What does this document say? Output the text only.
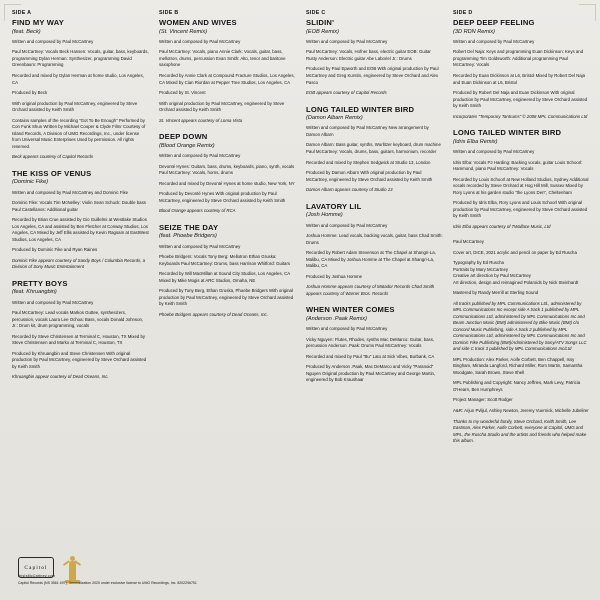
SIDE A
FIND MY WAY
(feat. Beck)

Written and composed by Paul McCartney

Paul McCartney: Vocals Beck Hansen: Vocals, guitar, bass, keyboards, programming Dylan Herman: Synthesizer, programming David Greenbaum: Programming

Recorded and mixed by Dylan Herman at home studio, Los Angeles, CA

Produced by Beck

With original production by Paul McCartney, engineered by Steve Orchard assisted by Keith Smith

Contains samples of the recording "Got To Be Enough" Performed by Con Funk Shun Written by Michael Cooper & Clyde Filmr Courtesy of Island Records, A Division of UMG Recordings, Inc., under license from Universal Music Enterprises Used by permission. All rights reserved.

Beck appears courtesy of Capitol Records

THE KISS OF VENUS
(Dominic Fike)

Written and composed by Paul McCartney and Dominic Fike

Dominic Fike: Vocals Tim McNelley: Violin Sean Schuck: Double bass Paul Castellanos: Additional guitar

Recorded by Brian Crue assisted by Gio Guillelmi at Westlake Studios Los Angeles, CA and assisted by Ben Fletcher at Conway Studios, Los Angeles, CA Mixed by Jeff Ellis assisted by Kevin Ragsam at EastWest Studios, Los Angeles, CA

Produced by Dominic Fike and Ryan Raines

Dominic Fike appears courtesy of Sandy Boys / Columbia Records, a Division of Sony Music Entertainment

PRETTY BOYS
(feat. Khruangbin)

Written and composed by Paul McCartney

Paul McCartney: Lead vocals Markos Guttee, synthesizers, percussion, vocals Laura Lee Ochoa: Bass, vocals Donald Johnson, Jr.: Drum kit, drum programming, vocals

Recorded by Steve Christensen at Terminal C, Houston, TX Mixed by Steve Christensen and Marko at Terminal C, Houston, TX

Produced by Khruangbin and Steve Christensen With original production by Paul McCartney, engineered by Steve Orchard assisted by Keith Smith

Khruangbin appear courtesy of Dead Oceans, Inc.

SIDE B
WOMEN AND WIVES
(St. Vincent Remix)

Written and composed by Paul McCartney

Paul McCartney: Vocals, piano Annie Clark: Vocals, guitar, bass, mellotron, drums, percussion Evan Smith: Alto, tenor and baritone saxophone

Recorded by Annie Clark at Compound Fracture Studios, Los Angeles, CA Mixed by Cian Riordan at Pepper Tree Studios, Los Angeles, CA

Produced by St. Vincent

With original production by Paul McCartney, engineered by Steve Orchard assisted by Keith Smith

St. Vincent appears courtesy of Loma Vista

DEEP DOWN
(Blood Orange Remix)

Written and composed by Paul McCartney

Devonté Hynes: Guitars, bass, drums, keyboards, piano, synth, vocals Paul McCartney: Vocals, horns, drums

Recorded and mixed by Devonté Hynes at home studio, New York, NY

Produced by Devonté Hynes With original production by Paul McCartney, engineered by Steve Orchard assisted by Keith Smith

Blood Orange appears courtesy of RCA

SEIZE THE DAY
(feat. Phoebe Bridgers)

Written and composed by Paul McCartney

Phoebe Bridgers: Vocals Tony Berg: Mellotron Ethan Gruska: Keyboards Paul McCartney: Drums, bass Harrison Whitford: Guitars

Recorded by Will MacMillan at Sound City Studios, Los Angeles, CA Mixed by Mike Mogis at ARC Studios, Omaha, NE

Produced by Tony Berg, Ethan Gruska, Phoebe Bridgers With original production by Paul McCartney, engineered by Steve Orchard assisted by Keith Smith

Phoebe Bridgers appears courtesy of Dead Oceans, Inc.

SIDE C
SLIDIN'
(EOB Remix)

Written and composed by Paul McCartney

Paul McCartney: Vocals, Hofner bass, electric guitar EOB: Guitar Rusty Anderson: Electric guitar Abe Laboriel Jr.: Drums

Produced by Paul Epworth and EOB With original production by Paul McCartney and Greg Kurstin, engineered by Steve Orchard and Alex Pasco

EOB appears courtesy of Capitol Records

LONG TAILED WINTER BIRD
(Damon Albarn Remix)

Written and composed by Paul McCartney New arrangement by Damon Albarn

Damon Albarn: Bass guitar, synths, Wurlitzer keyboard, drum machine Paul McCartney: Vocals, drums, bass, guitars, harmonium, recorder

Recorded and mixed by Stephen Sedgwick at Studio 13, London

Produced by Damon Albarn With original production by Paul McCartney, engineered by Steve Orchard assisted by Keith Smith

Damon Albarn appears courtesy of Studio 13

LAVATORY LIL
(Josh Homme)

Written and composed by Paul McCartney

Joshua Homme: Lead vocals, backing vocals, guitar, bass Chad Smith: Drums

Recorded by Robert Adam Stevenson at The Chapel at Shangri-La, Malibu, CA Mixed by Joshua Homme at The Chapel at Shangri-La, Malibu, CA

Produced by Joshua Homme

Joshua Homme appears courtesy of Matador Records Chad Smith appears courtesy of Warner Bros. Records

WHEN WINTER COMES
(Anderson .Paak Remix)

Written and composed by Paul McCartney

Vicky Nguyen: Flutes, Rhodes, synths Mac DeMarco: Guitar, bass, percussion Anderson .Paak: Drums Paul McCartney: Vocals

Recorded and mixed by Paul "Bu" Lato at Sick Vibes, Burbank, CA

Produced by Anderson .Paak, Mac DeMarco and Vicky "Paranoid" Nguyen Original production by Paul McCartney and George Martin, engineered by Bob Kraushaar

SIDE D
DEEP DEEP FEELING
(3D RDN Remix)

Written and composed by Paul McCartney

Robert Del Naja: Keys and programming Euan Dickinson: Keys and programming Tim Goldsworth: Additional programming Paul McCartney: Vocals

Recorded by Euan Dickinson at L6, Bristol Mixed by Robert Del Naja and Euan Dickinson at L6, Bristol

Produced by Robert Del Naja and Euan Dickinson With original production by Paul McCartney, engineered by Steve Orchard assisted by Keith Smith

Incorporates "Temporary Tantrums" © 2008 MPL Communications Ltd

LONG TAILED WINTER BIRD
(Idris Elba Remix)

Written and composed by Paul McCartney

Idris Elba: Vocals PJ Harding: Backing vocals, guitar Louis Schoorl: Hammond, piano Paul McCartney: Vocals

Recorded by Louis Schoorl at New Holland Studios, Sydney Additional vocals recorded by Steve Orchard at Hog Hill Mill, Sussex Mixed by Rory Lyons at his garden studio "the Lyons Den", Cheltenham

Produced by Idris Elba, Rory Lyons and Louis Schoorl With original production by Paul McCartney, engineered by Steve Orchard assisted by Keith Smith

Idris Elba appears courtesy of 7Wallace Music, Ltd

Paul McCartney

Cover art, DICE, 2021 acrylic and pencil on paper by Ed Ruscha

Typography by Ed Ruscha

Portraits by Mary McCartney

Creative art direction by Paul McCartney

Art direction, design and reimagined Polaroids by Nick Steinhardt

Mastered by Randy Merrill at Sterling Sound

All tracks published by MPL Communications Ltd., administered by MPL Communications Inc except side A track 1 published by MPL Communications Ltd, administered by MPL Communications Inc and Beam Junction Music (BMI) administered by Bike Music (BMI) c/o Concord Music Publishing, side A track 2 published by MPL Communications Ltd, administered by MPL Communications Inc and Dominic Fike Publishing (BMI)/Administered by Sony/ATV Songs LLC and side C track 3 published by MPL Communications Inc/Ltd

MPL Production: Alex Parker, Aoife Corbett, Ben Chappell, Issy Bingham, Miranda Langford, Richard Miller, Rom Martin, Samantha Woodgate, Sarah Brown, Steve Ithell

MPL Publishing and Copyright: Nancy Jeffries, Mark Levy, Patricia O'Hearn, Ben Humphreys

Project Manager: Scott Rodger

A&R: Arjun Pvlijul, Ashley Newton, Jeremy Vuernick, Michelle Jubelirer

Thanks to my wonderful family, Steve Orchard, Keith Smith, Lee Eastman, Alex Parker, Aoife Corbett, everyone at Capitol, UMG and MPL, the Ruscha Studio and the artists and friends who helped make this album.

Capitol
thisIsMcCartney.com
Capitol Records (NS 3561 497), Generalization 2020 under exclusive license to UMG Recordings, Inc. 8202296751
